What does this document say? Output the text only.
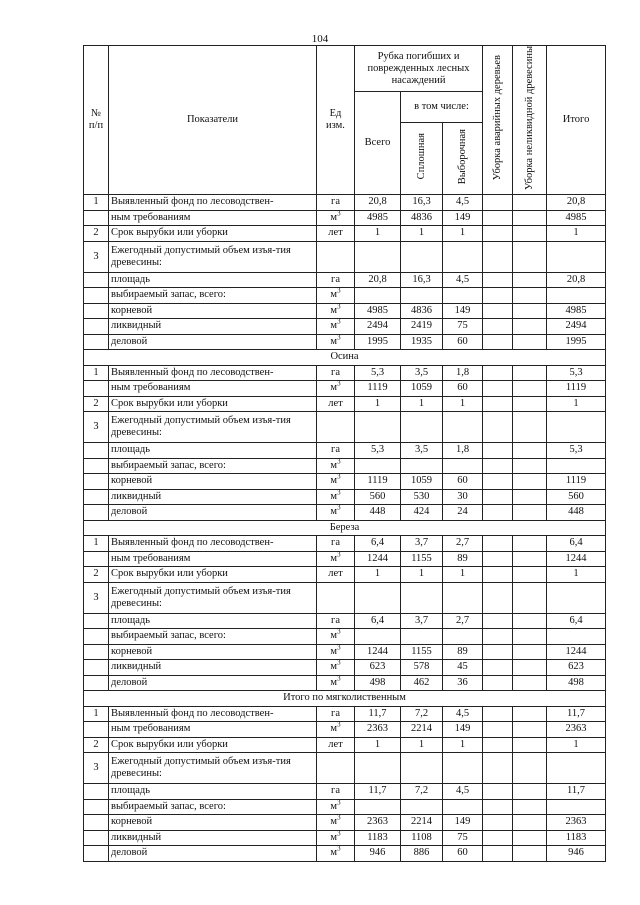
104
№ п/п	Показатели	Ед изм.	Рубка погибших и поврежденных лесных насаждений			Уборка аварийных деревьев	Уборка неликвидной древесины	Итого
			Всего	в том числе:				
				Сплошная	Выборочная			
1	Выявленный фонд по лесоводствен-	га	20,8	16,3	4,5			20,8
	ным требованиям	$м^3$	4985	4836	149			4985
2	Срок вырубки или уборки	лет	1	1	1			1
3	Ежегодный допустимый объем изъя-тия древесины:							
	площадь	га	20,8	16,3	4,5			20,8
	выбираемый запас, всего:	$м^3$						
	корневой	$м^3$	4985	4836	149			4985
	ликвидный	$м^3$	2494	2419	75			2494
	деловой	$м^3$	1995	1935	60			1995
Осина								
1	Выявленный фонд по лесоводствен-	га	5,3	3,5	1,8			5,3
	ным требованиям	$м^3$	1119	1059	60			1119
2	Срок вырубки или уборки	лет	1	1	1			1
3	Ежегодный допустимый объем изъя-тия древесины:							
	площадь	га	5,3	3,5	1,8			5,3
	выбираемый запас, всего:	$м^3$						
	корневой	$м^3$	1119	1059	60			1119
	ликвидный	$м^3$	560	530	30			560
	деловой	$м^3$	448	424	24			448
Береза								
1	Выявленный фонд по лесоводствен-	га	6,4	3,7	2,7			6,4
	ным требованиям	$м^3$	1244	1155	89			1244
2	Срок вырубки или уборки	лет	1	1	1			1
3	Ежегодный допустимый объем изъя-тия древесины:							
	площадь	га	6,4	3,7	2,7			6,4
	выбираемый запас, всего:	$м^3$						
	корневой	$м^3$	1244	1155	89			1244
	ликвидный	$м^3$	623	578	45			623
	деловой	$м^3$	498	462	36			498
Итого по мягколиственным								
1	Выявленный фонд по лесоводствен-	га	11,7	7,2	4,5			11,7
	ным требованиям	$м^3$	2363	2214	149			2363
2	Срок вырубки или уборки	лет	1	1	1			1
3	Ежегодный допустимый объем изъя-тия древесины:							
	площадь	га	11,7	7,2	4,5			11,7
	выбираемый запас, всего:	$м^3$						
	корневой	$м^3$	2363	2214	149			2363
	ликвидный	$м^3$	1183	1108	75			1183
	деловой	$м^3$	946	886	60			946
